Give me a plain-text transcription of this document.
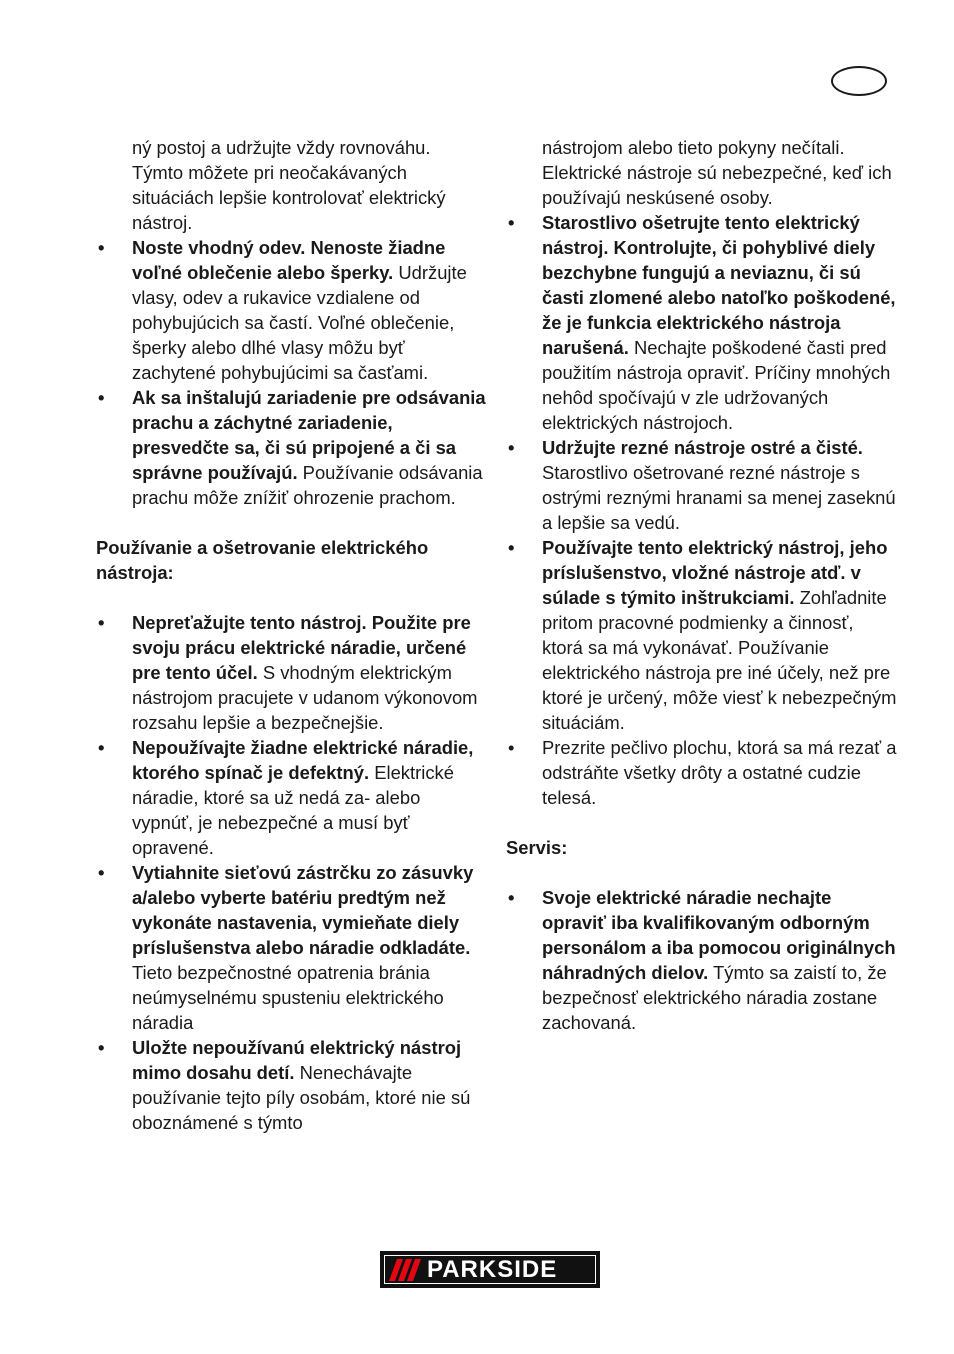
ný postoj a udržujte vždy rovnováhu. Týmto môžete pri neočakávaných situáciách lepšie kontrolovať elektrický nástroj.

•	Noste vhodný odev. Nenoste žiadne voľné oblečenie alebo šperky. Udržujte vlasy, odev a rukavice vzdialene od pohybujúcich sa častí. Voľné oblečenie, šperky alebo dlhé vlasy môžu byť zachytené pohybujúcimi sa časťami.
•	Ak sa inštalujú zariadenie pre odsávania prachu a záchytné zariadenie, presvedčte sa, či sú pripojené a či sa správne používajú. Používanie odsávania prachu môže znížiť ohrozenie prachom.

Používanie a ošetrovanie elektrického nástroja:

•	Nepreťažujte tento nástroj. Použite pre svoju prácu elektrické náradie, určené pre tento účel. S vhodným elektrickým nástrojom pracujete v udanom výkonovom rozsahu lepšie a bezpečnejšie.
•	Nepoužívajte žiadne elektrické náradie, ktorého spínač je defektný. Elektrické náradie, ktoré sa už nedá za- alebo vypnúť, je nebezpečné a musí byť opravené.
•	Vytiahnite sieťovú zástrčku zo zásuvky a/alebo vyberte batériu predtým než vykonáte nastavenia, vymieňate diely príslušenstva alebo náradie odkladáte. Tieto bezpečnostné opatrenia bránia neúmyselnému spusteniu elektrického náradia
•	Uložte nepoužívanú elektrický nástroj mimo dosahu detí. Nenechávajte používanie tejto píly osobám, ktoré nie sú oboznámené s týmto

nástrojom alebo tieto pokyny nečítali. Elektrické nástroje sú nebezpečné, keď ich používajú neskúsené osoby.

•	Starostlivo ošetrujte tento elektrický nástroj. Kontrolujte, či pohyblivé diely bezchybne fungujú a neviaznu, či sú časti zlomené alebo natoľko poškodené, že je funkcia elektrického nástroja narušená. Nechajte poškodené časti pred použitím nástroja opraviť. Príčiny mnohých nehôd spočívajú v zle udržovaných elektrických nástrojoch.
•	Udržujte rezné nástroje ostré a čisté. Starostlivo ošetrované rezné nástroje s ostrými reznými hranami sa menej zaseknú a lepšie sa vedú.
•	Používajte tento elektrický nástroj, jeho príslušenstvo, vložné nástroje atď. v súlade s týmito inštrukciami. Zohľadnite pritom pracovné podmienky a činnosť, ktorá sa má vykonávať. Používanie elektrického nástroja pre iné účely, než pre ktoré je určený, môže viesť k nebezpečným situáciám.
•	Prezrite pečlivo plochu, ktorá sa má rezať a odstráňte všetky drôty a ostatné cudzie telesá.

Servis:

•	Svoje elektrické náradie nechajte opraviť iba kvalifikovaným odborným personálom a iba pomocou originálnych náhradných dielov. Týmto sa zaistí to, že bezpečnosť elektrického náradia zostane zachovaná.
PARKSIDE
